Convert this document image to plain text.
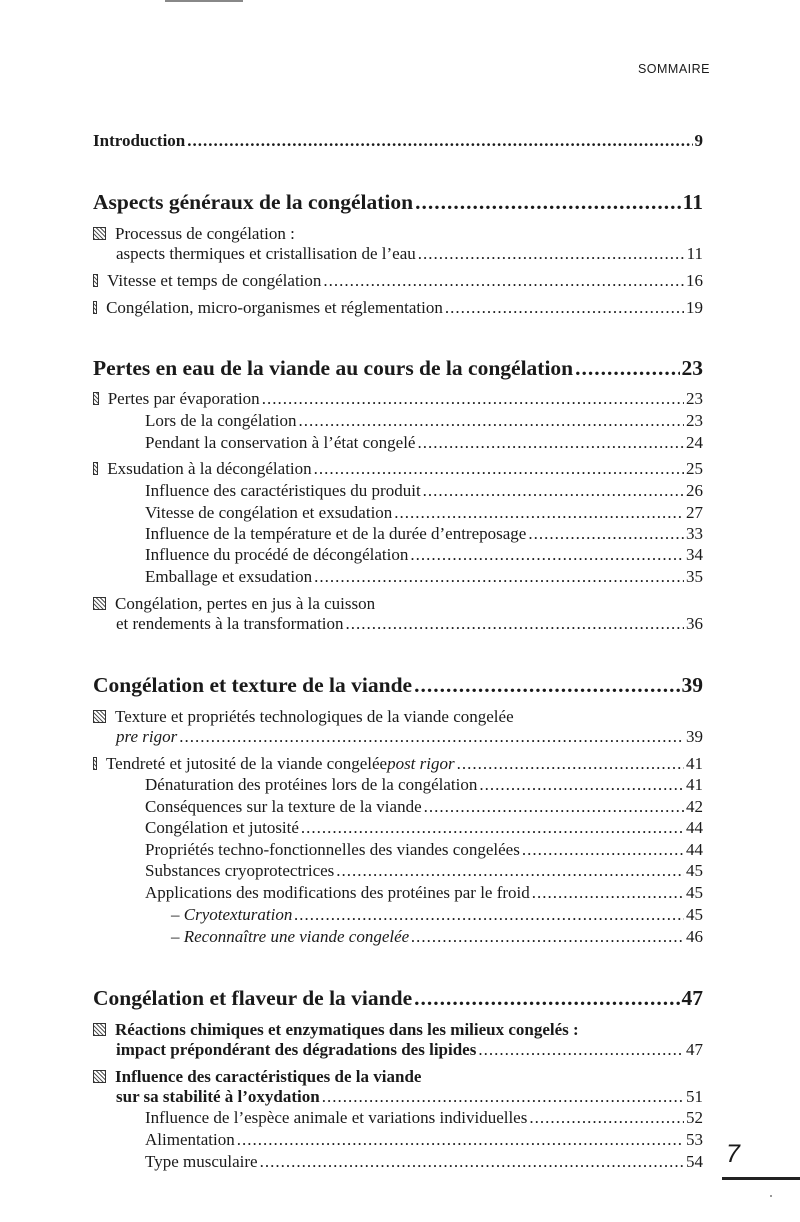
SOMMAIRE
Introduction .....	9
Aspects généraux de la congélation .....	11
Processus de congélation :
aspects thermiques et cristallisation de l’eau .....	11
Vitesse et temps de congélation .....	16
Congélation, micro-organismes et réglementation .....	19
Pertes en eau de la viande au cours de la congélation .....	23
Pertes par évaporation .....	23
Lors de la congélation .....	23
Pendant la conservation à l’état congelé .....	24
Exsudation à la décongélation .....	25
Influence des caractéristiques du produit .....	26
Vitesse de congélation et exsudation .....	27
Influence de la température et de la durée d’entreposage .....	33
Influence du procédé de décongélation .....	34
Emballage et exsudation .....	35
Congélation, pertes en jus à la cuisson
et rendements à la transformation .....	36
Congélation et texture de la viande .....	39
Texture et propriétés technologiques de la viande congelée
pre rigor .....	39
Tendreté et jutosité de la viande congelée post rigor .....	41
Dénaturation des protéines lors de la congélation .....	41
Conséquences sur la texture de la viande .....	42
Congélation et jutosité .....	44
Propriétés techno-fonctionnelles des viandes congelées .....	44
Substances cryoprotectrices .....	45
Applications des modifications des protéines par le froid .....	45
– Cryotexturation .....	45
– Reconnaître une viande congelée .....	46
Congélation et flaveur de la viande .....	47
Réactions chimiques et enzymatiques dans les milieux congelés :
impact prépondérant des dégradations des lipides .....	47
Influence des caractéristiques de la viande
sur sa stabilité à l’oxydation .....	51
Influence de l’espèce animale et variations individuelles .....	52
Alimentation .....	53
Type musculaire .....	54 7
